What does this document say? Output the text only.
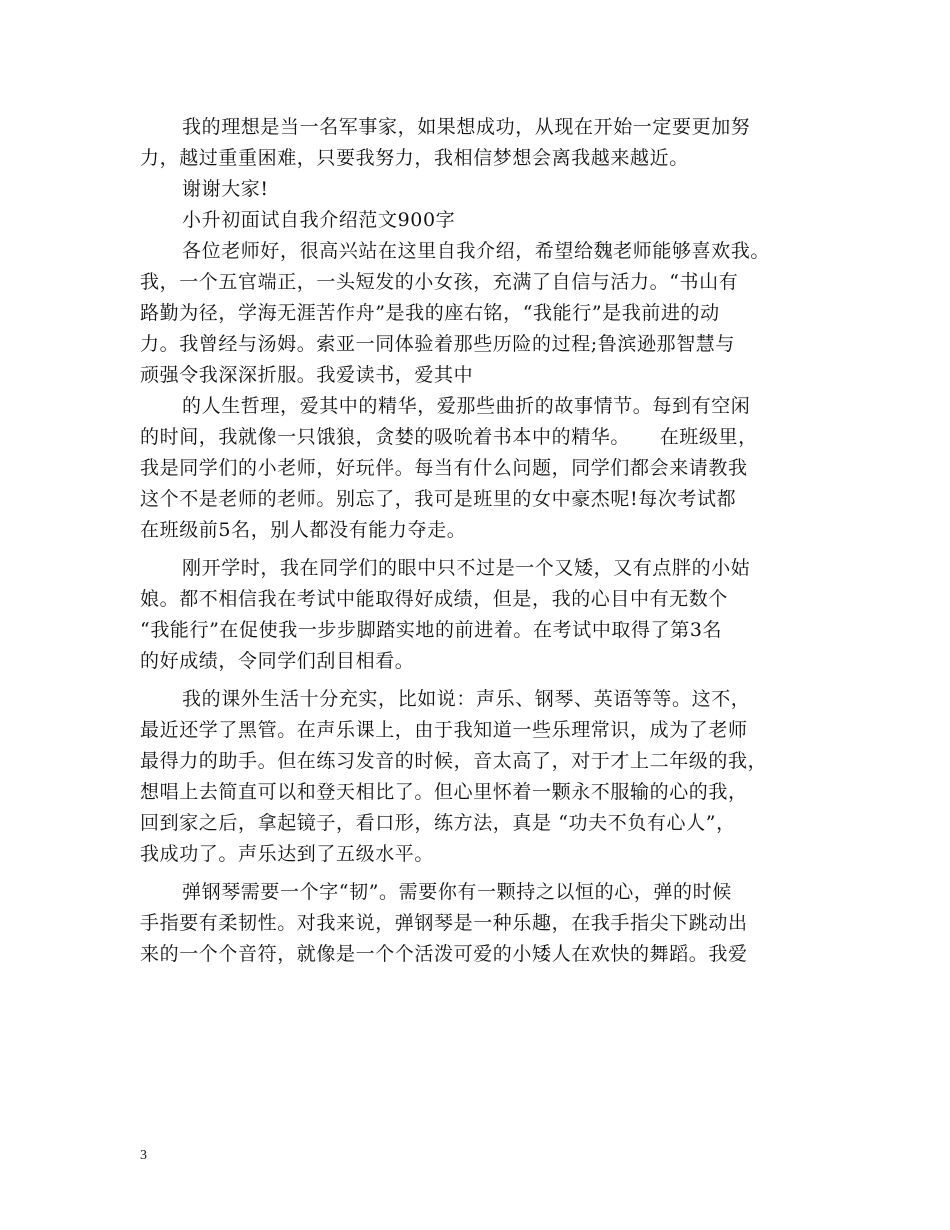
我的理想是当一名军事家，如果想成功，从现在开始一定要更加努
力，越过重重困难，只要我努力，我相信梦想会离我越来越近。
谢谢大家!
小升初面试自我介绍范文900字
各位老师好，很高兴站在这里自我介绍，希望给魏老师能够喜欢我。
我，一个五官端正，一头短发的小女孩，充满了自信与活力。“书山有
路勤为径，学海无涯苦作舟”是我的座右铭，“我能行”是我前进的动
力。我曾经与汤姆。索亚一同体验着那些历险的过程;鲁滨逊那智慧与
顽强令我深深折服。我爱读书，爱其中
的人生哲理，爱其中的精华，爱那些曲折的故事情节。每到有空闲
的时间，我就像一只饿狼，贪婪的吸吮着书本中的精华。　　在班级里，
我是同学们的小老师，好玩伴。每当有什么问题，同学们都会来请教我
这个不是老师的老师。别忘了，我可是班里的女中豪杰呢!每次考试都
在班级前5名，别人都没有能力夺走。
刚开学时，我在同学们的眼中只不过是一个又矮，又有点胖的小姑
娘。都不相信我在考试中能取得好成绩，但是，我的心目中有无数个
“我能行”在促使我一步步脚踏实地的前进着。在考试中取得了第3名
的好成绩，令同学们刮目相看。
我的课外生活十分充实，比如说：声乐、钢琴、英语等等。这不，
最近还学了黑管。在声乐课上，由于我知道一些乐理常识，成为了老师
最得力的助手。但在练习发音的时候，音太高了，对于才上二年级的我，
想唱上去简直可以和登天相比了。但心里怀着一颗永不服输的心的我，
回到家之后，拿起镜子，看口形，练方法，真是 “功夫不负有心人”，
我成功了。声乐达到了五级水平。
弹钢琴需要一个字“韧”。需要你有一颗持之以恒的心，弹的时候
手指要有柔韧性。对我来说，弹钢琴是一种乐趣，在我手指尖下跳动出
来的一个个音符，就像是一个个活泼可爱的小矮人在欢快的舞蹈。我爱
3
